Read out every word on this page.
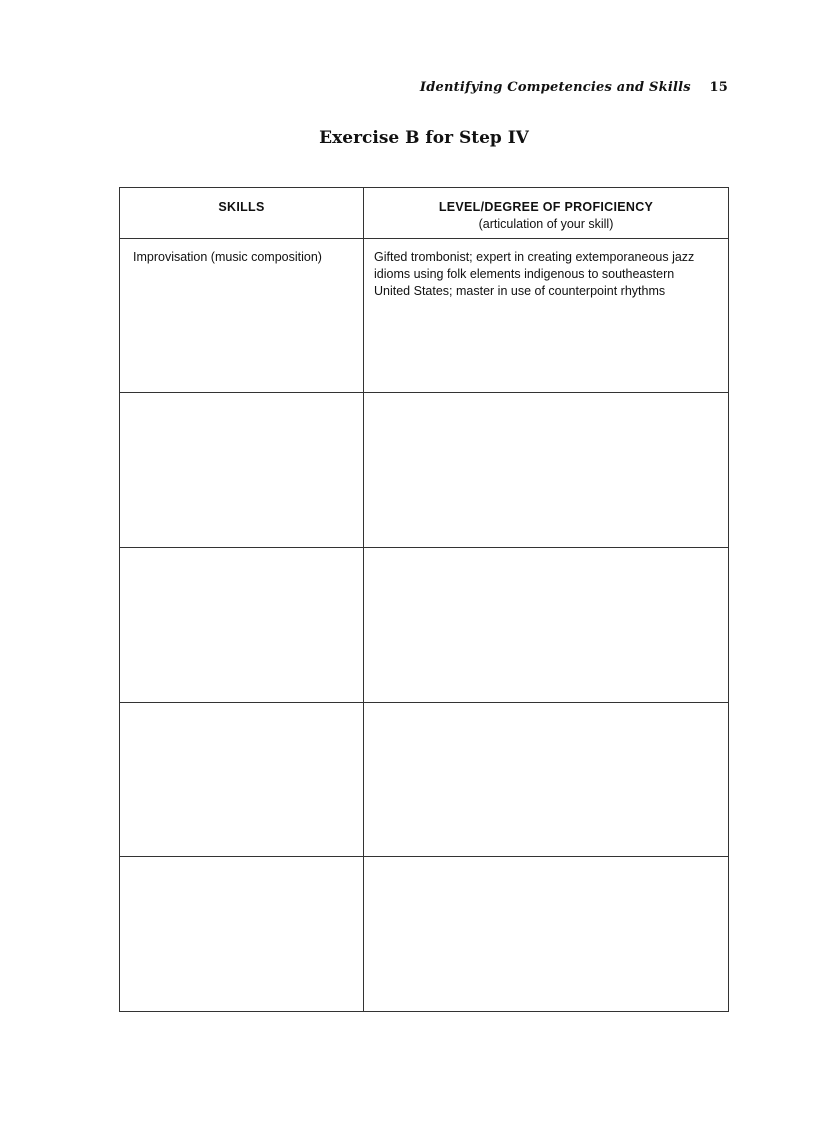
Identifying Competencies and Skills 15
Exercise B for Step IV
SKILLS	LEVEL/DEGREE OF PROFICIENCY
(articulation of your skill)
Improvisation (music composition)	Gifted trombonist; expert in creating extemporaneous jazz idioms using folk elements indigenous to southeastern United States; master in use of counterpoint rhythms
